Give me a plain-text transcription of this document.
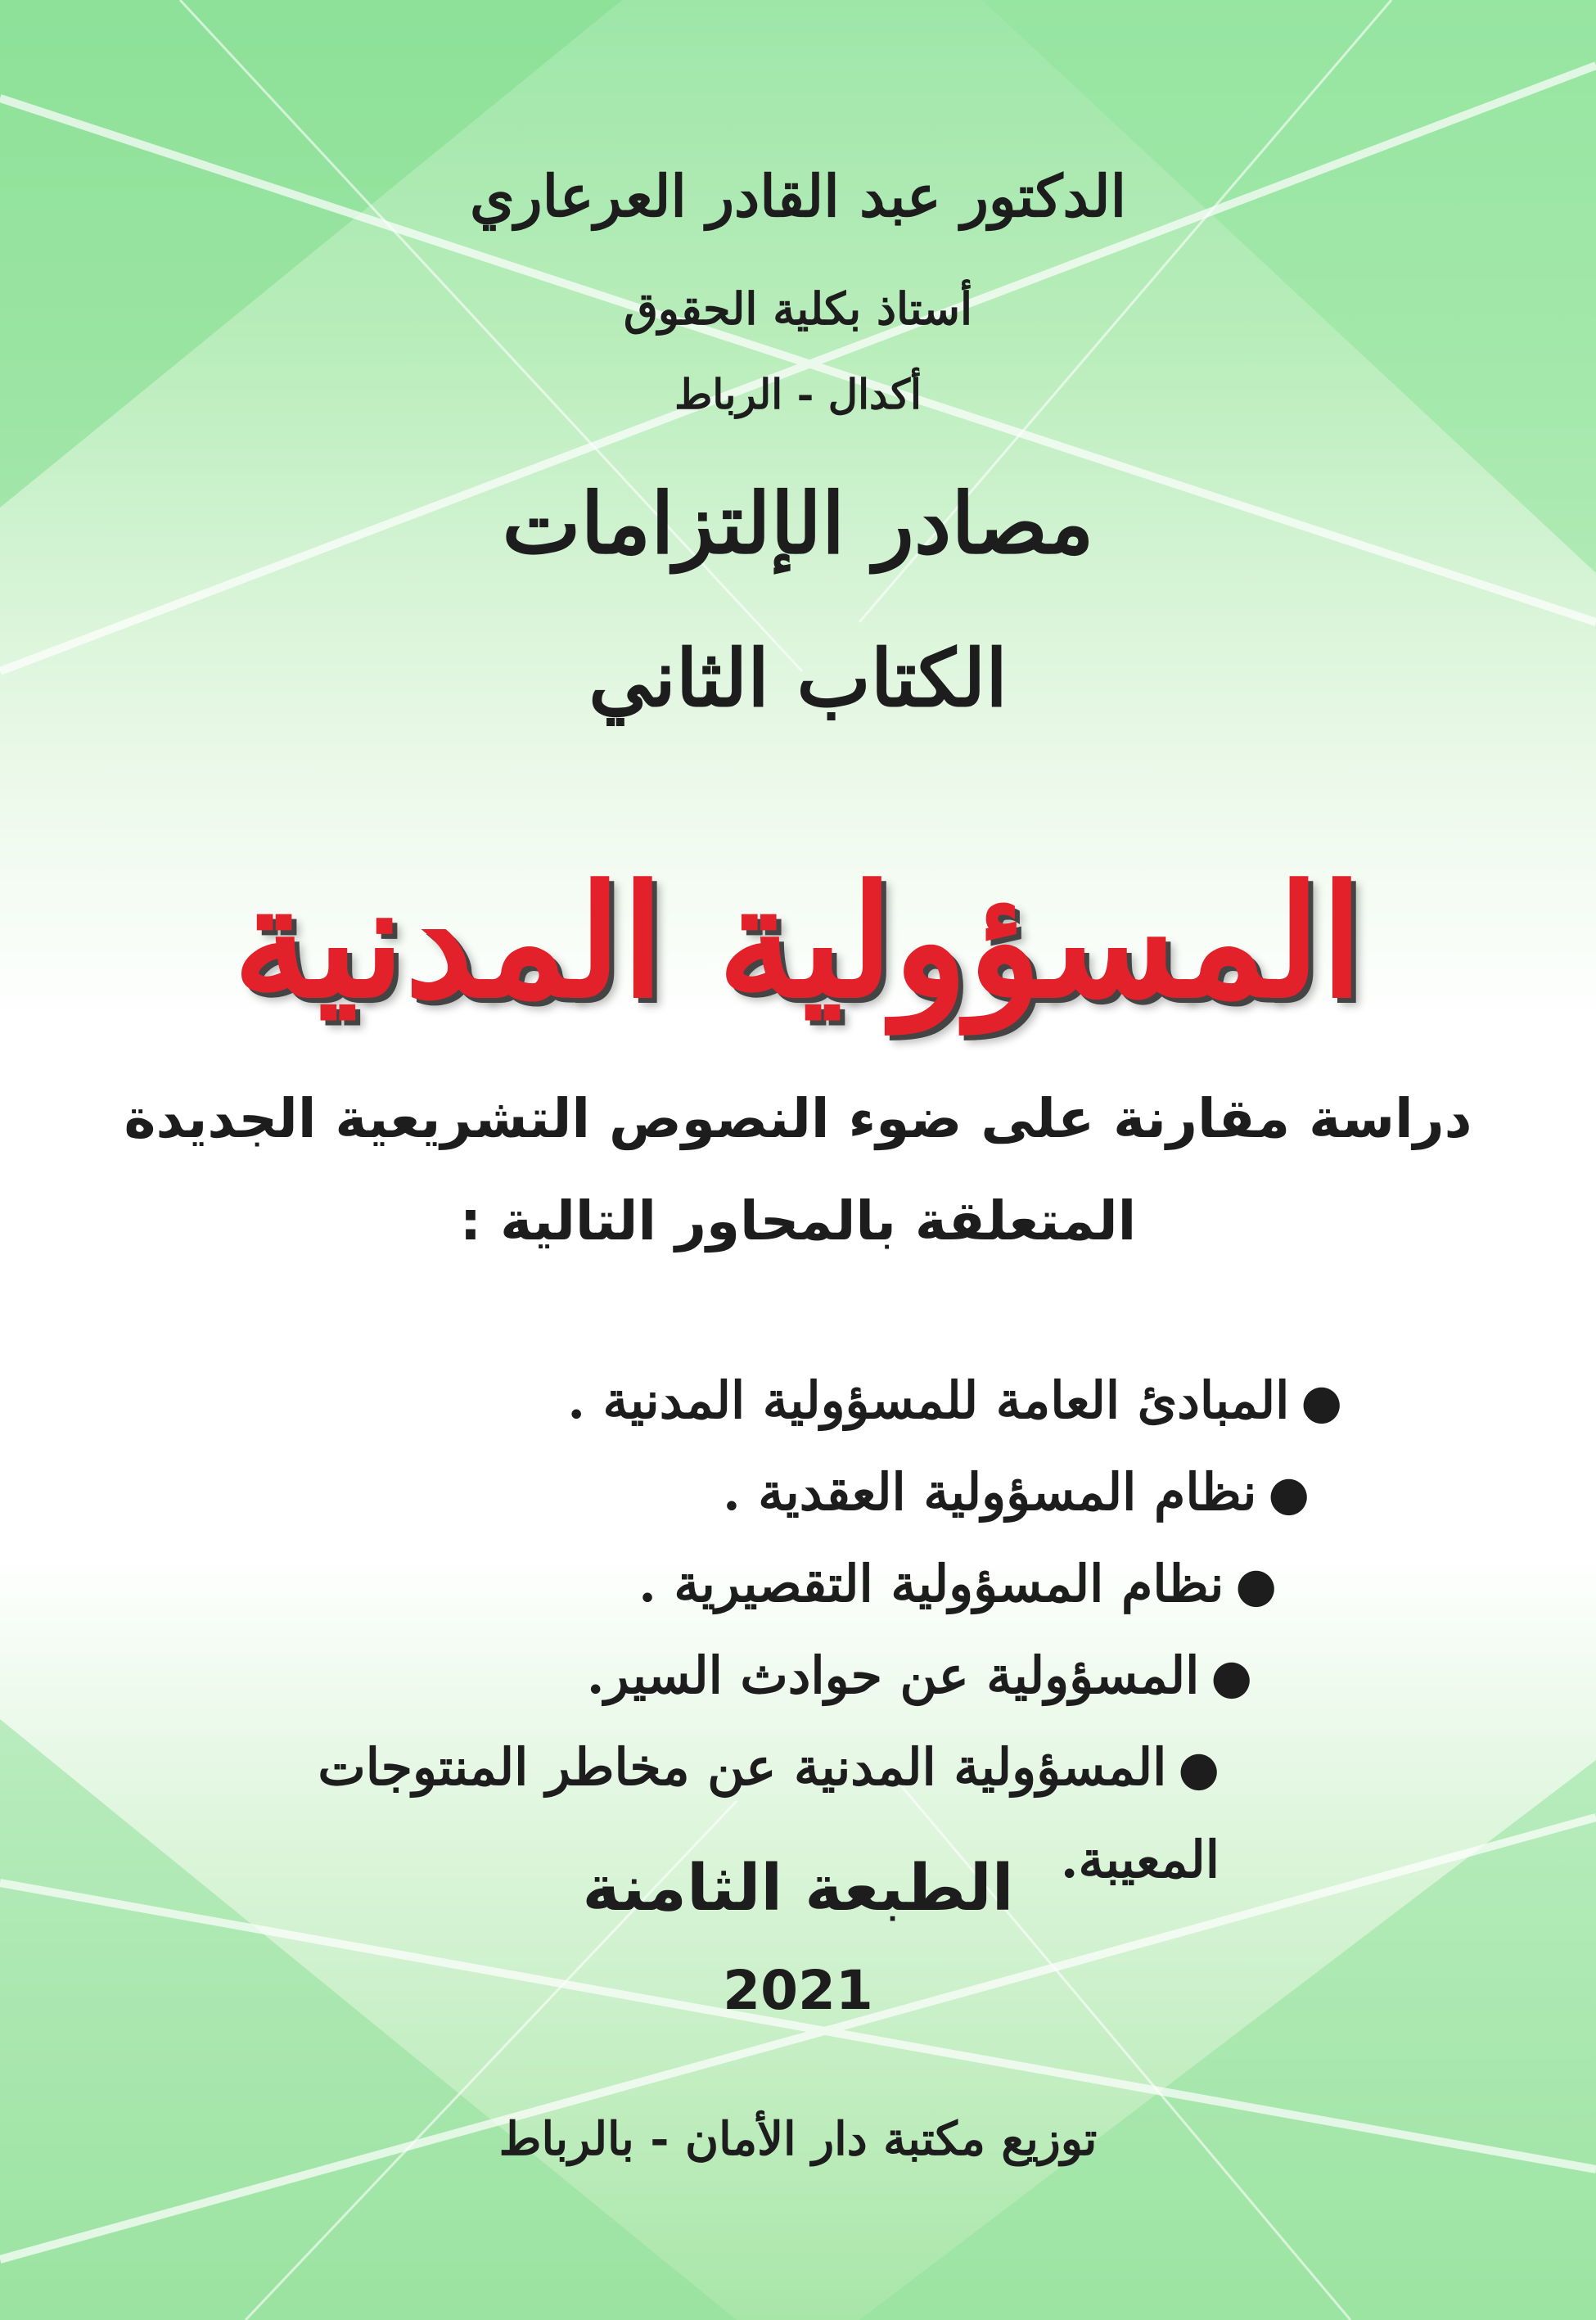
الدكتور عبد القادر العرعاري
أستاذ بكلية الحقوق
أكدال - الرباط
مصادر الإلتزامات
الكتاب الثاني
المسؤولية المدنية
دراسة مقارنة على ضوء النصوص التشريعية الجديدة
المتعلقة بالمحاور التالية :
●المبادئ العامة للمسؤولية المدنية .
●نظام المسؤولية العقدية .
●نظام المسؤولية التقصيرية .
●المسؤولية عن حوادث السير.
●المسؤولية المدنية عن مخاطر المنتوجات المعيبة.
الطبعة الثامنة
2021
توزيع مكتبة دار الأمان - بالرباط
